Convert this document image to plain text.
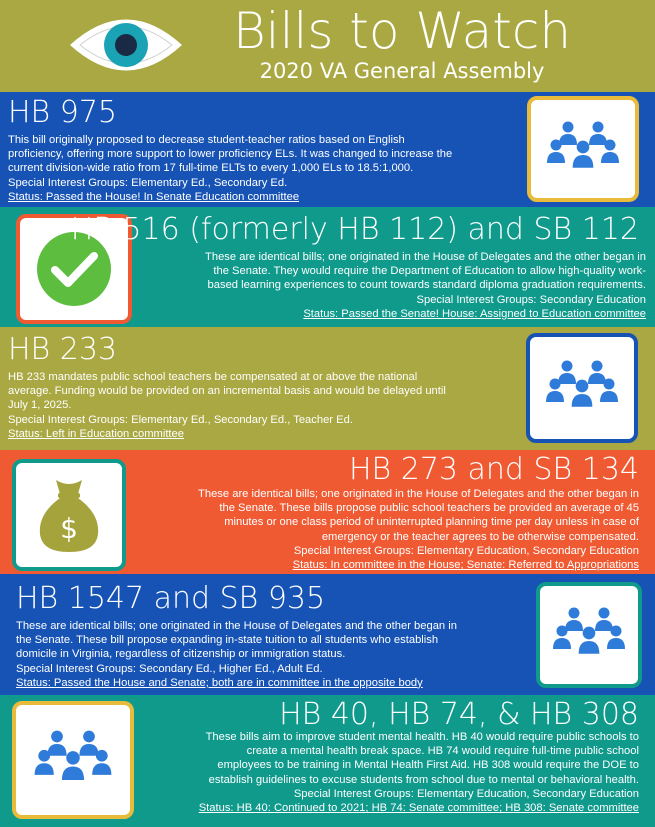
Bills to Watch
2020 VA General Assembly
HB 975

This bill originally proposed to decrease student-teacher ratios based on English

proficiency, offering more support to lower proficiency ELs. It was changed to increase the

current division-wide ratio from 17 full-time ELTs to every 1,000 ELs to 18.5:1,000.

Special Interest Groups: Elementary Ed., Secondary Ed.

Status: Passed the House! In Senate Education committee

HB 516 (formerly HB 112) and SB 112

These are identical bills; one originated in the House of Delegates and the other began in

the Senate. They would require the Department of Education to allow high-quality work-

based learning experiences to count towards standard diploma graduation requirements.

Special Interest Groups: Secondary Education

Status: Passed the Senate! House: Assigned to Education committee

HB 233

HB 233 mandates public school teachers be compensated at or above the national

average. Funding would be provided on an incremental basis and would be delayed until

July 1, 2025.

Special Interest Groups: Elementary Ed., Secondary Ed., Teacher Ed.

Status: Left in Education committee

$
HB 273 and SB 134

These are identical bills; one originated in the House of Delegates and the other began in

the Senate. These bills propose public school teachers be provided an average of 45

minutes or one class period of uninterrupted planning time per day unless in case of

emergency or the teacher agrees to be otherwise compensated.

Special Interest Groups: Elementary Education, Secondary Education

Status: In committee in the House; Senate: Referred to Appropriations

HB 1547 and SB 935

These are identical bills; one originated in the House of Delegates and the other began in

the Senate. These bill propose expanding in-state tuition to all students who establish

domicile in Virginia, regardless of citizenship or immigration status.

Special Interest Groups: Secondary Ed., Higher Ed., Adult Ed.

Status: Passed the House and Senate; both are in committee in the opposite body

HB 40, HB 74, & HB 308

These bills aim to improve student mental health. HB 40 would require public schools to

create a mental health break space. HB 74 would require full-time public school

employees to be training in Mental Health First Aid. HB 308 would require the DOE to

establish guidelines to excuse students from school due to mental or behavioral health.

Special Interest Groups: Elementary Education, Secondary Education

Status: HB 40: Continued to 2021; HB 74: Senate committee; HB 308: Senate committee
